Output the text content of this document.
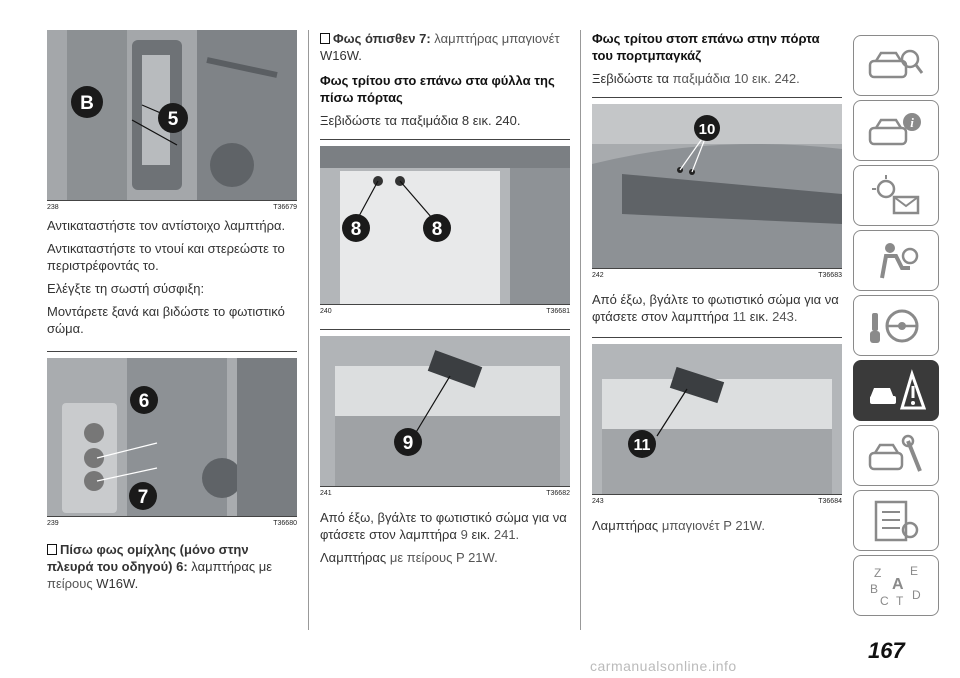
B
5
238	T36679

Αντικαταστήστε τον αντίστοιχο λαμπτήρα.

Αντικαταστήστε το ντουί και στερεώστε το περιστρέφοντάς το.

Ελέγξτε τη σωστή σύσφιξη:

Μοντάρετε ξανά και βιδώστε το φωτιστικό σώμα.

6
7
239	T36680

Πίσω φως ομίχλης (μόνο στην πλευρά του οδηγού) 6: λαμπτήρας με πείρους W16W.

Φως όπισθεν 7: λαμπτήρας μπαγιονέτ W16W.

Φως τρίτου στο επάνω στα φύλλα της πίσω πόρτας

Ξεβιδώστε τα παξιμάδια 8 εικ. 240.

8	8
240	T36681
9
241	T36682

Από έξω, βγάλτε το φωτιστικό σώμα για να φτάσετε στον λαμπτήρα 9 εικ. 241.

Λαμπτήρας με πείρους P 21W.

Φως τρίτου στοπ επάνω στην πόρτα του πορτμπαγκάζ

Ξεβιδώστε τα παξιμάδια 10 εικ. 242.

10
242	T36683

Από έξω, βγάλτε το φωτιστικό σώμα για να φτάσετε στον λαμπτήρα 11 εικ. 243.

11
243	T36684

Λαμπτήρας μπαγιονέτ P 21W.

i
Z E
A
B
C T D
167
carmanualsonline.info
